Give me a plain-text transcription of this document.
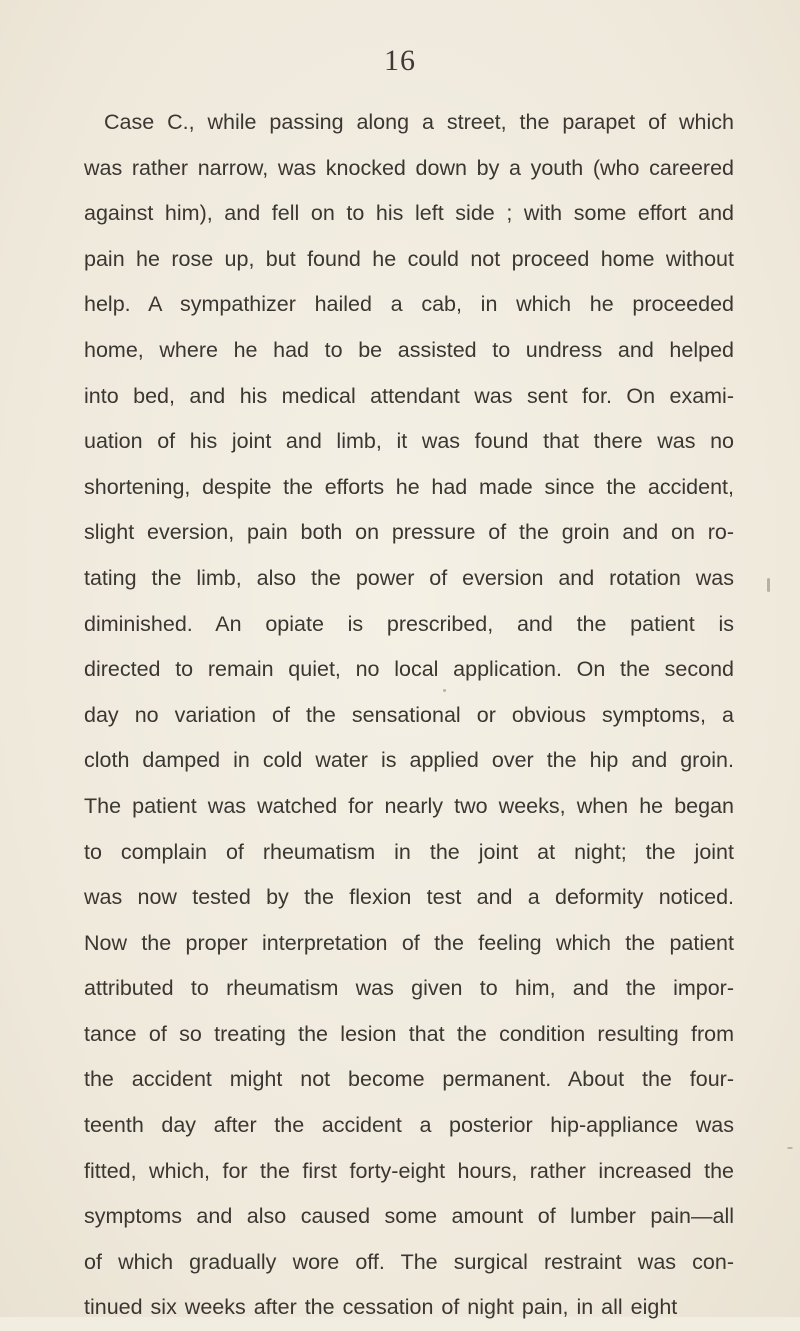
16
Case C., while passing along a street, the parapet of which
was rather narrow, was knocked down by a youth (who careered
against him), and fell on to his left side ; with some effort and
pain he rose up, but found he could not proceed home without
help. A sympathizer hailed a cab, in which he proceeded
home, where he had to be assisted to undress and helped
into bed, and his medical attendant was sent for. On exami-
uation of his joint and limb, it was found that there was no
shortening, despite the efforts he had made since the accident,
slight eversion, pain both on pressure of the groin and on ro-
tating the limb, also the power of eversion and rotation was
diminished. An opiate is prescribed, and the patient is
directed to remain quiet, no local application. On the second
day no variation of the sensational or obvious symptoms, a
cloth damped in cold water is applied over the hip and groin.
The patient was watched for nearly two weeks, when he began
to complain of rheumatism in the joint at night; the joint
was now tested by the flexion test and a deformity noticed.
Now the proper interpretation of the feeling which the patient
attributed to rheumatism was given to him, and the impor-
tance of so treating the lesion that the condition resulting from
the accident might not become permanent. About the four-
teenth day after the accident a posterior hip-appliance was
fitted, which, for the first forty-eight hours, rather increased the
symptoms and also caused some amount of lumber pain—all
of which gradually wore off. The surgical restraint was con-
tinued six weeks after the cessation of night pain, in all eight
